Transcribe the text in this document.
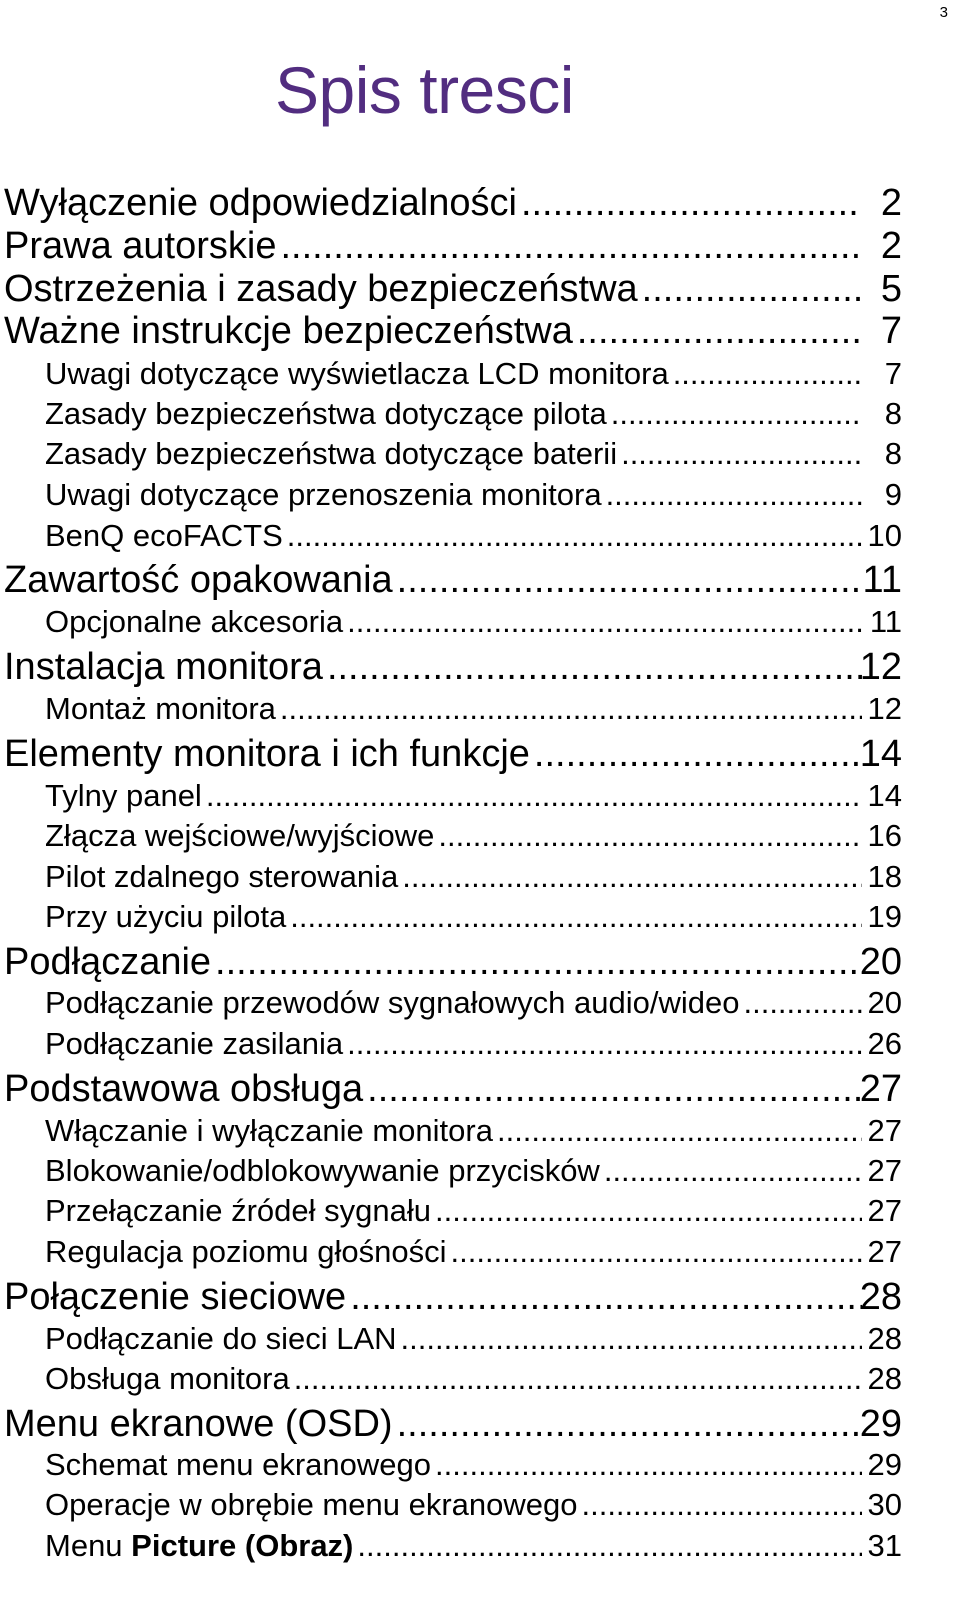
3
Spis tresci
Wyłączenie odpowiedzialności .....	2
Prawa autorskie .....	2
Ostrzeżenia i zasady bezpieczeństwa .....	5
Ważne instrukcje bezpieczeństwa .....	7
Uwagi dotyczące wyświetlacza LCD monitora .....	7
Zasady bezpieczeństwa dotyczące pilota .....	8
Zasady bezpieczeństwa dotyczące baterii .....	8
Uwagi dotyczące przenoszenia monitora .....	9
BenQ ecoFACTS .....	10
Zawartość opakowania .....	11
Opcjonalne akcesoria .....	11
Instalacja monitora .....	12
Montaż monitora .....	12
Elementy monitora i ich funkcje .....	14
Tylny panel .....	14
Złącza wejściowe/wyjściowe .....	16
Pilot zdalnego sterowania .....	18
Przy użyciu pilota .....	19
Podłączanie .....	20
Podłączanie przewodów sygnałowych audio/wideo .....	20
Podłączanie zasilania .....	26
Podstawowa obsługa .....	27
Włączanie i wyłączanie monitora .....	27
Blokowanie/odblokowywanie przycisków .....	27
Przełączanie źródeł sygnału .....	27
Regulacja poziomu głośności .....	27
Połączenie sieciowe .....	28
Podłączanie do sieci LAN .....	28
Obsługa monitora .....	28
Menu ekranowe (OSD) .....	29
Schemat menu ekranowego .....	29
Operacje w obrębie menu ekranowego .....	30
Menu Picture (Obraz) .....	31
